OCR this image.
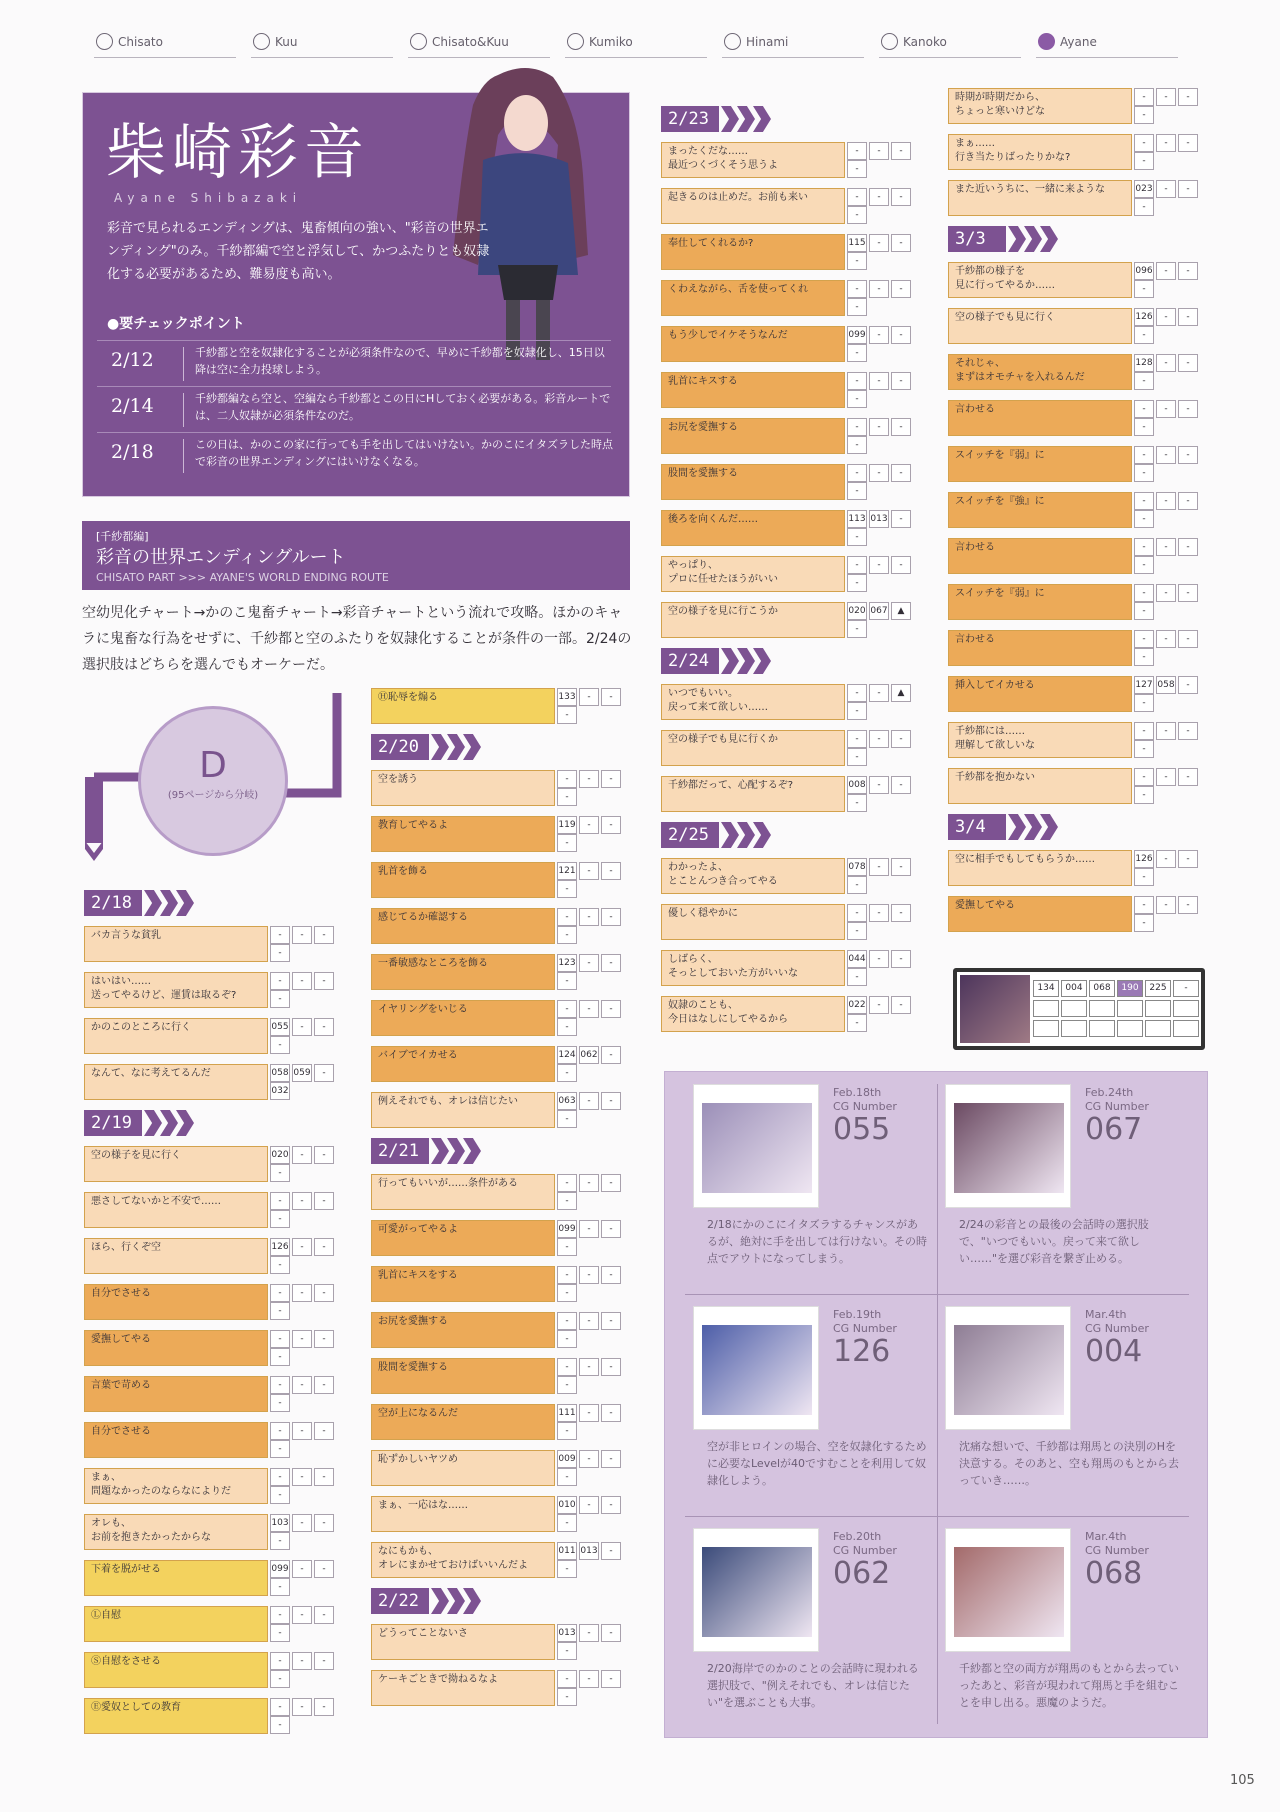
Chisato	Kuu	Chisato&Kuu	Kumiko	Hinami	Kanoko	Ayane
柴崎彩音
Ayane Shibazaki
彩音で見られるエンディングは、鬼畜傾向の強い、"彩音の世界エンディング"のみ。千紗都編で空と浮気して、かつふたりとも奴隷化する必要があるため、難易度も高い。
●要チェックポイント
2/12	千紗都と空を奴隷化することが必須条件なので、早めに千紗都を奴隷化し、15日以降は空に全力投球しよう。
2/14	千紗都編なら空と、空編なら千紗都とこの日にHしておく必要がある。彩音ルートでは、二人奴隷が必須条件なのだ。
2/18	この日は、かのこの家に行っても手を出してはいけない。かのこにイタズラした時点で彩音の世界エンディングにはいけなくなる。
[千紗都編]
彩音の世界エンディングルート
CHISATO PART >>> AYANE'S WORLD ENDING ROUTE
空幼児化チャート→かのこ鬼畜チャート→彩音チャートという流れで攻略。ほかのキャラに鬼畜な行為をせずに、千紗都と空のふたりを奴隷化することが条件の一部。2/24の選択肢はどちらを選んでもオーケーだ。
D
(95ページから分岐)
2/18
バカ言うな貧乳	-	-	-
-
はいはい……
送ってやるけど、運賃は取るぞ?
-	-	-
-
かのこのところに行く	055	-	-
-
なんて、なに考えてるんだ	058 059	-
032
2/19
空の様子を見に行く	020	-	-
-
悪さしてないかと不安で……	-	-	-
-
ほら、行くぞ空	126	-	-
-
自分でさせる	-	-	-
-
愛撫してやる	-	-	-
-
言葉で苛める	-	-	-
-
自分でさせる	-	-	-
-
まぁ、
問題なかったのならなによりだ
-	-	-
-
オレも、
お前を抱きたかったからな
103	-	-
-
下着を脱がせる	099	-	-
-
Ⓛ自慰	-	-	-
-
Ⓢ自慰をさせる	-	-	-
-
Ⓔ愛奴としての教育	-	-	-
-
Ⓗ恥辱を煽る	133	-	-
-
2/20
空を誘う	-	-	-
-
教育してやるよ	119	-	-
-
乳首を飾る	121	-	-
-
感じてるか確認する	-	-	-
-
一番敏感なところを飾る	123	-	-
-
イヤリングをいじる	-	-	-
-
バイブでイカせる	124 062	-
-
例えそれでも、オレは信じたい	063	-	-
-
2/21
行ってもいいが……条件がある	-	-	-
-
可愛がってやるよ	099	-	-
-
乳首にキスをする	-	-	-
-
お尻を愛撫する	-	-	-
-
股間を愛撫する	-	-	-
-
空が上になるんだ	111	-	-
-
恥ずかしいヤツめ	009	-	-
-
まぁ、一応はな……	010	-	-
-
なにもかも、
オレにまかせておけばいいんだよ
011 013	-
-
2/22
どうってことないさ	013	-	-
-
ケーキごときで拗ねるなよ	-	-	-
-
2/23
まったくだな……
最近つくづくそう思うよ
-	-	-
-
起きるのは止めだ。お前も来い	-	-	-
-
奉仕してくれるか?	115	-	-
-
くわえながら、舌を使ってくれ	-	-	-
-
もう少しでイケそうなんだ	099	-	-
-
乳首にキスする	-	-	-
-
お尻を愛撫する	-	-	-
-
股間を愛撫する	-	-	-
-
後ろを向くんだ……	113 013	-
-
やっぱり、
プロに任せたほうがいい
-	-	-
-
空の様子を見に行こうか	020 067	▲
-
2/24
いつでもいい。
戻って来て欲しい……
-	-	▲
-
空の様子でも見に行くか	-	-	-
-
千紗都だって、心配するぞ?	008	-	-
-
2/25
わかったよ、
とことんつき合ってやる
078	-	-
-
優しく穏やかに	-	-	-
-
しばらく、
そっとしておいた方がいいな
044	-	-
-
奴隷のことも、
今日はなしにしてやるから
022	-	-
-
時期が時期だから、
ちょっと寒いけどな
-	-	-
-
まぁ……
行き当たりばったりかな?
-	-	-
-
また近いうちに、一緒に来ような	023	-	-
-
3/3
千紗都の様子を
見に行ってやるか……
096	-	-
-
空の様子でも見に行く	126	-	-
-
それじゃ、
まずはオモチャを入れるんだ
128	-	-
-
言わせる	-	-	-
-
スイッチを『弱』に	-	-	-
-
スイッチを『強』に	-	-	-
-
言わせる	-	-	-
-
スイッチを『弱』に	-	-	-
-
言わせる	-	-	-
-
挿入してイカせる	127 058	-
-
千紗都には……
理解して欲しいな
-	-	-
-
千紗都を抱かない	-	-	-
-
3/4
空に相手でもしてもらうか……	126	-	-
-
愛撫してやる	-	-	-
-
134	004	068	190	225	-
Feb.18th
CG Number
055
2/18にかのこにイタズラするチャンスがあるが、絶対に手を出しては行けない。その時点でアウトになってしまう。
Feb.24th
CG Number
067
2/24の彩音との最後の会話時の選択肢で、"いつでもいい。戻って来て欲しい……"を選び彩音を繋ぎ止める。
Feb.19th
CG Number
126
空が非ヒロインの場合、空を奴隷化するために必要なLevelが40ですむことを利用して奴隷化しよう。
Mar.4th
CG Number
004
沈痛な想いで、千紗都は翔馬との決別のHを決意する。そのあと、空も翔馬のもとから去っていき……。
Feb.20th
CG Number
062
2/20海岸でのかのことの会話時に現われる選択肢で、"例えそれでも、オレは信じたい"を選ぶことも大事。
Mar.4th
CG Number
068
千紗都と空の両方が翔馬のもとから去っていったあと、彩音が現われて翔馬と手を組むことを申し出る。悪魔のようだ。
105
